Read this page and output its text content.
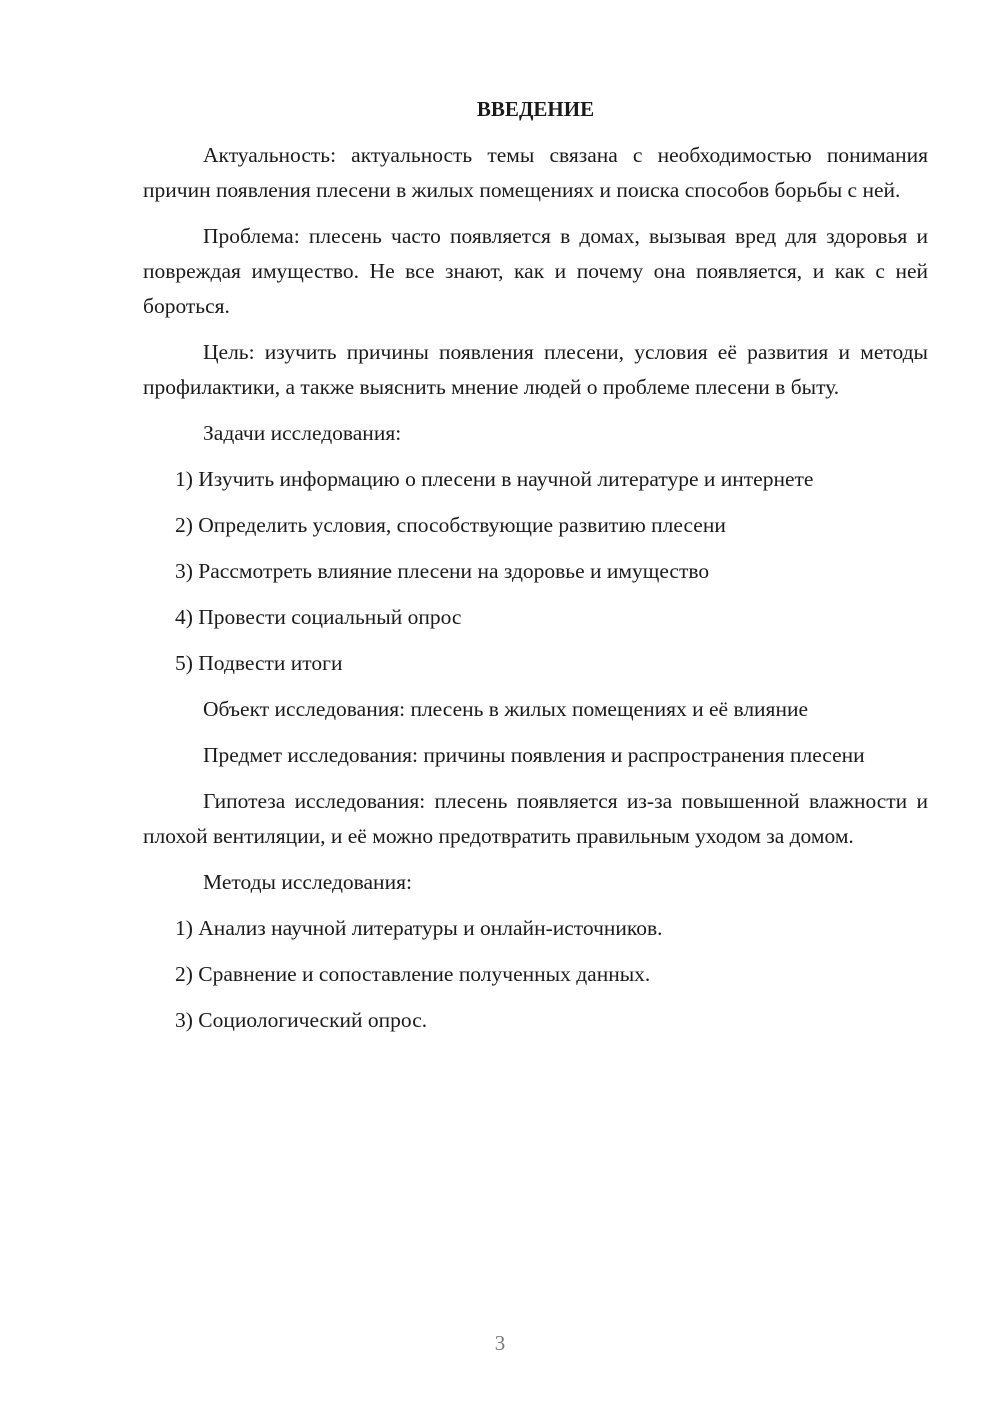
ВВЕДЕНИЕ

Актуальность: актуальность темы связана с необходимостью понимания причин появления плесени в жилых помещениях и поиска способов борьбы с ней.

Проблема: плесень часто появляется в домах, вызывая вред для здоровья и повреждая имущество. Не все знают, как и почему она появляется, и как с ней бороться.

Цель: изучить причины появления плесени, условия её развития и методы профилактики, а также выяснить мнение людей о проблеме плесени в быту.

Задачи исследования:

1) Изучить информацию о плесени в научной литературе и интернете
2) Определить условия, способствующие развитию плесени
3) Рассмотреть влияние плесени на здоровье и имущество
4) Провести социальный опрос
5) Подвести итоги

Объект исследования: плесень в жилых помещениях и её влияние

Предмет исследования: причины появления и распространения плесени

Гипотеза исследования: плесень появляется из-за повышенной влажности и плохой вентиляции, и её можно предотвратить правильным уходом за домом.

Методы исследования:

1) Анализ научной литературы и онлайн-источников.
2) Сравнение и сопоставление полученных данных.
3) Социологический опрос.
3
